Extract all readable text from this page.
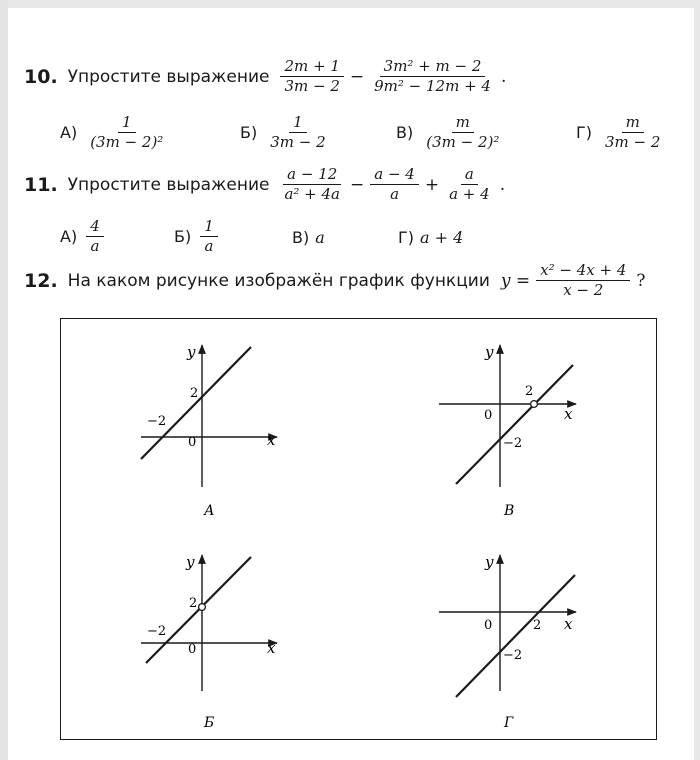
10. Упростите выражение $\frac{2m + 1}{3m - 2} - \frac{\text{3m² + m − 2}}{\text{9m² − 12m + 4}}$ .
$А) \frac{1}{\text{(3m − 2)²}}$	$Б) \frac{1}{3m - 2}$	$В) \frac{m}{\text{(3m − 2)²}}$	$Г) \frac{m}{3m - 2}$
11. Упростите выражение $\frac{a - 12}{\text{a² + 4a}} - \frac{a - 4}{a} + \frac{a}{a + 4}$ .
$А) \frac{4}{a}$	$Б) \frac{1}{a}$	В) a	Г) a + 4
12. На каком рисунке изображён график функции $y = \frac{\text{x² − 4x + 4}}{x - 2}$ ?
y
x
0
2
−2
А
y
x
0
2
−2
В
y
x
0
2
−2
Б
y
x
0	2
−2
Г
